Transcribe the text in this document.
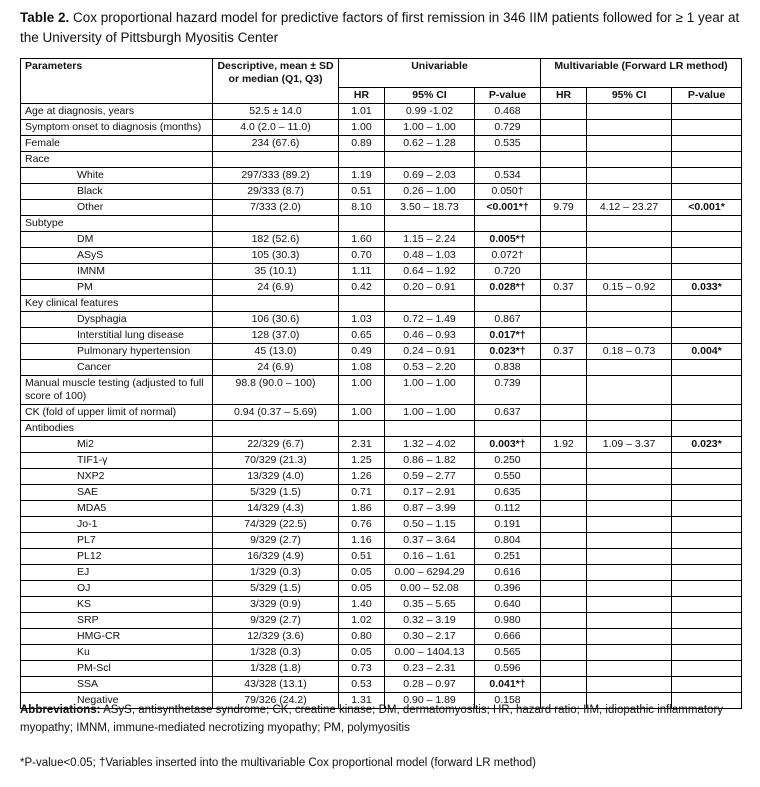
Table 2. Cox proportional hazard model for predictive factors of first remission in 346 IIM patients followed for ≥ 1 year at the University of Pittsburgh Myositis Center
Parameters	Descriptive, mean ± SD or median (Q1, Q3)	Univariable			Multivariable (Forward LR method)		
		HR	95% CI	P-value	HR	95% CI	P-value
Age at diagnosis, years	52.5 ± 14.0	1.01	0.99 -1.02	0.468			
Symptom onset to diagnosis (months)	4.0 (2.0 – 11.0)	1.00	1.00 – 1.00	0.729			
Female	234 (67.6)	0.89	0.62 – 1.28	0.535			
Race							
White	297/333 (89.2)	1.19	0.69 – 2.03	0.534			
Black	29/333 (8.7)	0.51	0.26 – 1.00	0.050†			
Other	7/333 (2.0)	8.10	3.50 – 18.73	<0.001*†	9.79	4.12 – 23.27	<0.001*
Subtype							
DM	182 (52.6)	1.60	1.15 – 2.24	0.005*†			
ASyS	105 (30.3)	0.70	0.48 – 1.03	0.072†			
IMNM	35 (10.1)	1.11	0.64 – 1.92	0.720			
PM	24 (6.9)	0.42	0.20 – 0.91	0.028*†	0.37	0.15 – 0.92	0.033*
Key clinical features							
Dysphagia	106 (30.6)	1.03	0.72 – 1.49	0.867			
Interstitial lung disease	128 (37.0)	0.65	0.46 – 0.93	0.017*†			
Pulmonary hypertension	45 (13.0)	0.49	0.24 – 0.91	0.023*†	0.37	0.18 – 0.73	0.004*
Cancer	24 (6.9)	1.08	0.53 – 2.20	0.838			
Manual muscle testing (adjusted to full score of 100)	98.8 (90.0 – 100)	1.00	1.00 – 1.00	0.739			
CK (fold of upper limit of normal)	0.94 (0.37 – 5.69)	1.00	1.00 – 1.00	0.637			
Antibodies							
Mi2	22/329 (6.7)	2.31	1.32 – 4.02	0.003*†	1.92	1.09 – 3.37	0.023*
TIF1-γ	70/329 (21.3)	1.25	0.86 – 1.82	0.250			
NXP2	13/329 (4.0)	1.26	0.59 – 2.77	0.550			
SAE	5/329 (1.5)	0.71	0.17 – 2.91	0.635			
MDA5	14/329 (4.3)	1.86	0.87 – 3.99	0.112			
Jo-1	74/329 (22.5)	0.76	0.50 – 1.15	0.191			
PL7	9/329 (2.7)	1.16	0.37 – 3.64	0.804			
PL12	16/329 (4.9)	0.51	0.16 – 1.61	0.251			
EJ	1/329 (0.3)	0.05	0.00 – 6294.29	0.616			
OJ	5/329 (1.5)	0.05	0.00 – 52.08	0.396			
KS	3/329 (0.9)	1.40	0.35 – 5.65	0.640			
SRP	9/329 (2.7)	1.02	0.32 – 3.19	0.980			
HMG-CR	12/329 (3.6)	0.80	0.30 – 2.17	0.666			
Ku	1/328 (0.3)	0.05	0.00 – 1404.13	0.565			
PM-Scl	1/328 (1.8)	0.73	0.23 – 2.31	0.596			
SSA	43/328 (13.1)	0.53	0.28 – 0.97	0.041*†			
Negative	79/326 (24.2)	1.31	0.90 – 1.89	0.158			
Abbreviations: ASyS, antisynthetase syndrome; CK, creatine kinase; DM, dermatomyositis; HR, hazard ratio; IIM, idiopathic inflammatory myopathy; IMNM, immune-mediated necrotizing myopathy; PM, polymyositis
*P-value<0.05; †Variables inserted into the multivariable Cox proportional model (forward LR method)
